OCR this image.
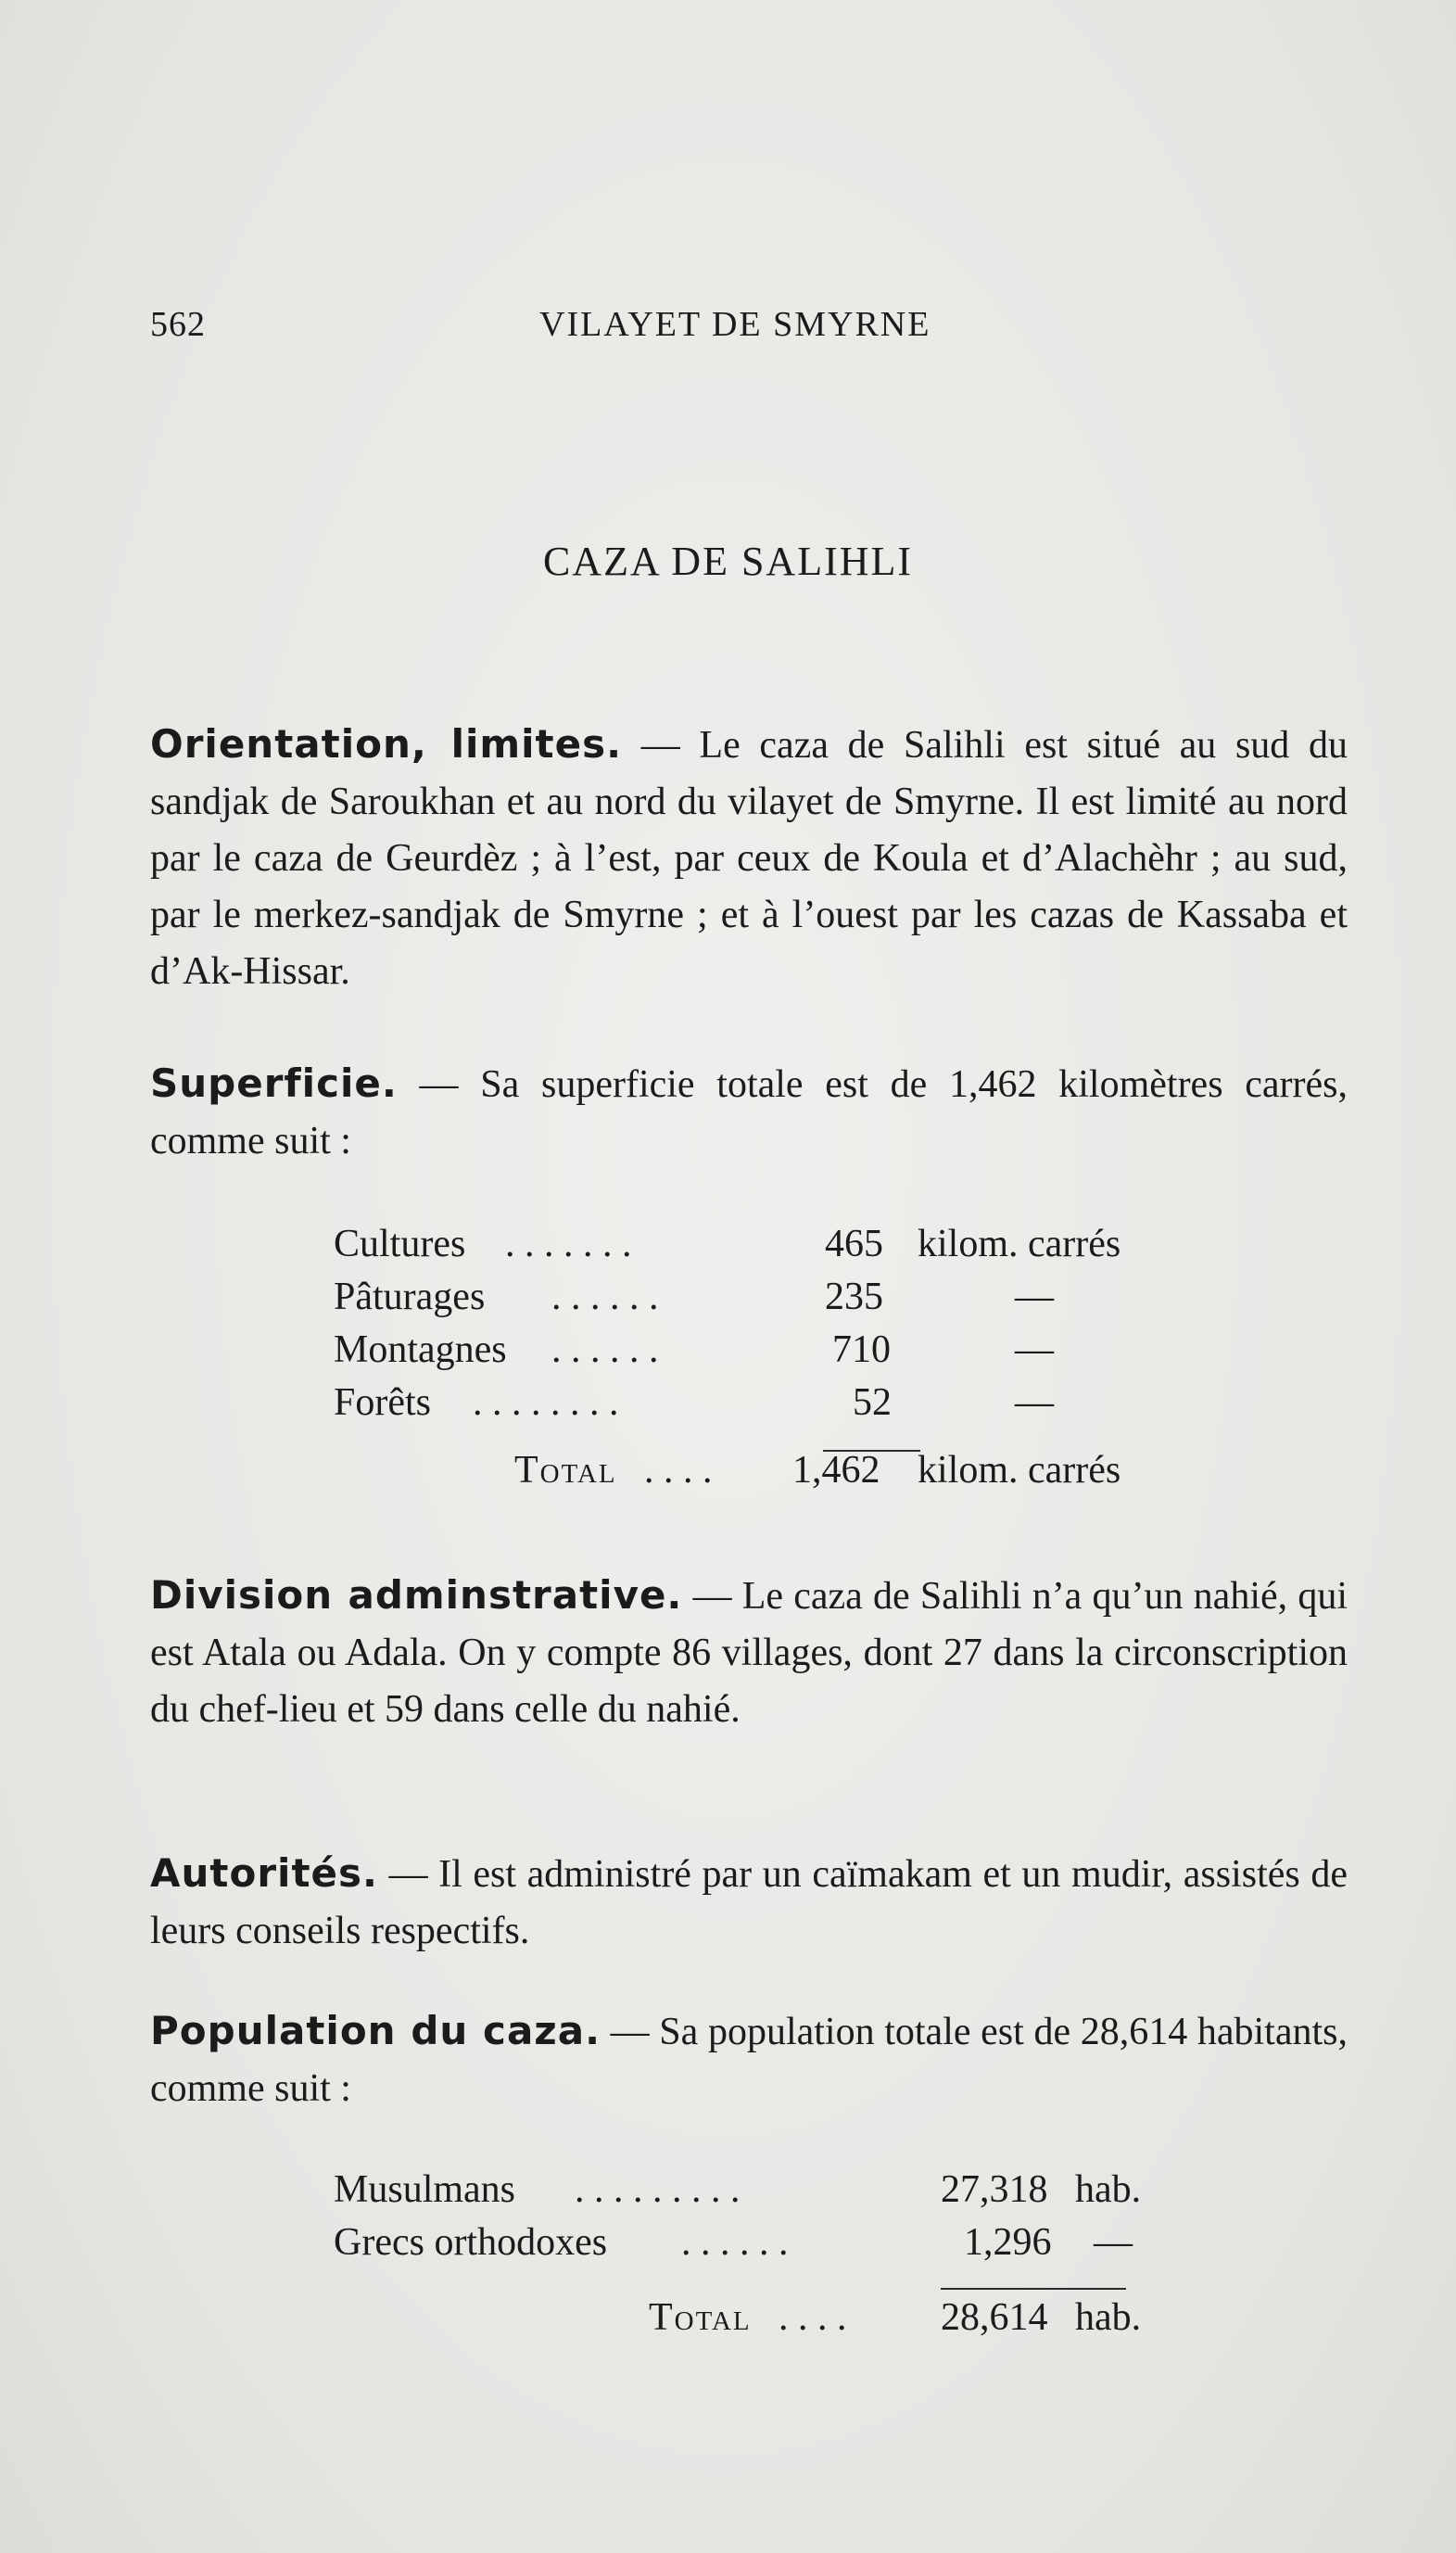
562	VILAYET DE SMYRNE
CAZA DE SALIHLI
Orientation, limites. — Le caza de Salihli est situé au sud du sandjak de Saroukhan et au nord du vilayet de Smyrne. Il est limité au nord par le caza de Geurdèz ; à l’est, par ceux de Koula et d’Alachèhr ; au sud, par le merkez-sandjak de Smyrne ; et à l’ouest par les cazas de Kassaba et d’Ak-Hissar.
Superficie. — Sa superficie totale est de 1,462 kilomètres carrés, comme suit :
Cultures . . . . . . .	465 kilom. carrés
Pâturages . . . . . .	235	—
Montagnes . . . . . .	710	—
Forêts . . . . . . . .	52	—
Total . . . . 1,462 kilom. carrés
Division adminstrative. — Le caza de Salihli n’a qu’un nahié, qui est Atala ou Adala. On y compte 86 villages, dont 27 dans la circonscription du chef-lieu et 59 dans celle du nahié.
Autorités. — Il est administré par un caïmakam et un mudir, assistés de leurs conseils respectifs.
Population du caza. — Sa population totale est de 28,614 habitants, comme suit :
Musulmans . . . . . . . . .	27,318 hab.
Grecs orthodoxes . . . . . .	1,296 —
Total . . . . 28,614 hab.
